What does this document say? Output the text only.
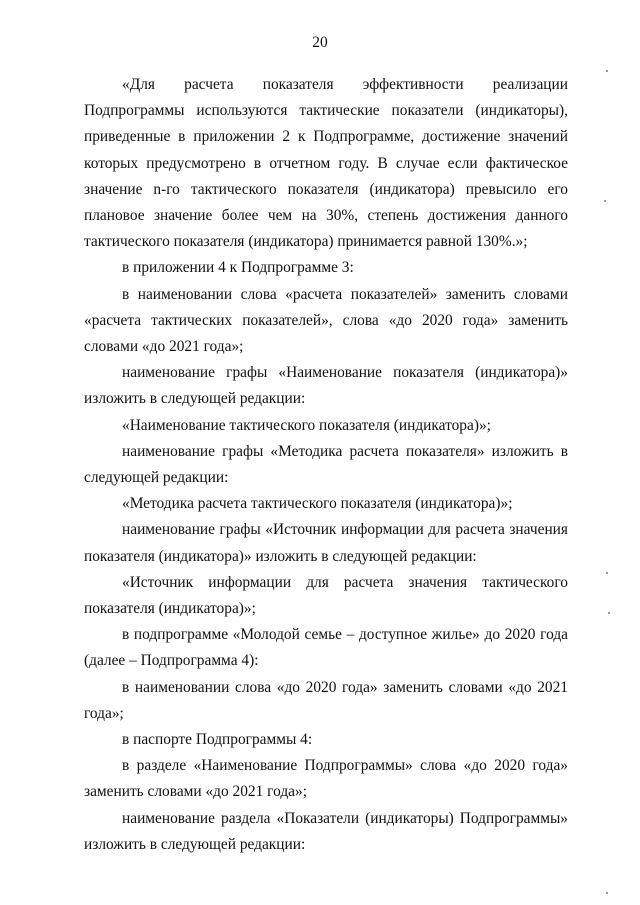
20

«Для расчета показателя эффективности реализации Подпрограммы используются тактические показатели (индикаторы), приведенные в приложении 2 к Подпрограмме, достижение значений которых предусмотрено в отчетном году. В случае если фактическое значение n-го тактического показателя (индикатора) превысило его плановое значение более чем на 30%, степень достижения данного тактического показателя (индикатора) принимается равной 130%.»;

в приложении 4 к Подпрограмме 3:

в наименовании слова «расчета показателей» заменить словами «расчета тактических показателей», слова «до 2020 года» заменить словами «до 2021 года»;

наименование графы «Наименование показателя (индикатора)» изложить в следующей редакции:

«Наименование тактического показателя (индикатора)»;

наименование графы «Методика расчета показателя» изложить в следующей редакции:

«Методика расчета тактического показателя (индикатора)»;

наименование графы «Источник информации для расчета значения показателя (индикатора)» изложить в следующей редакции:

«Источник информации для расчета значения тактического показателя (индикатора)»;

в подпрограмме «Молодой семье – доступное жилье» до 2020 года (далее – Подпрограмма 4):

в наименовании слова «до 2020 года» заменить словами «до 2021 года»;

в паспорте Подпрограммы 4:

в разделе «Наименование Подпрограммы» слова «до 2020 года» заменить словами «до 2021 года»;

наименование раздела «Показатели (индикаторы) Подпрограммы» изложить в следующей редакции:
